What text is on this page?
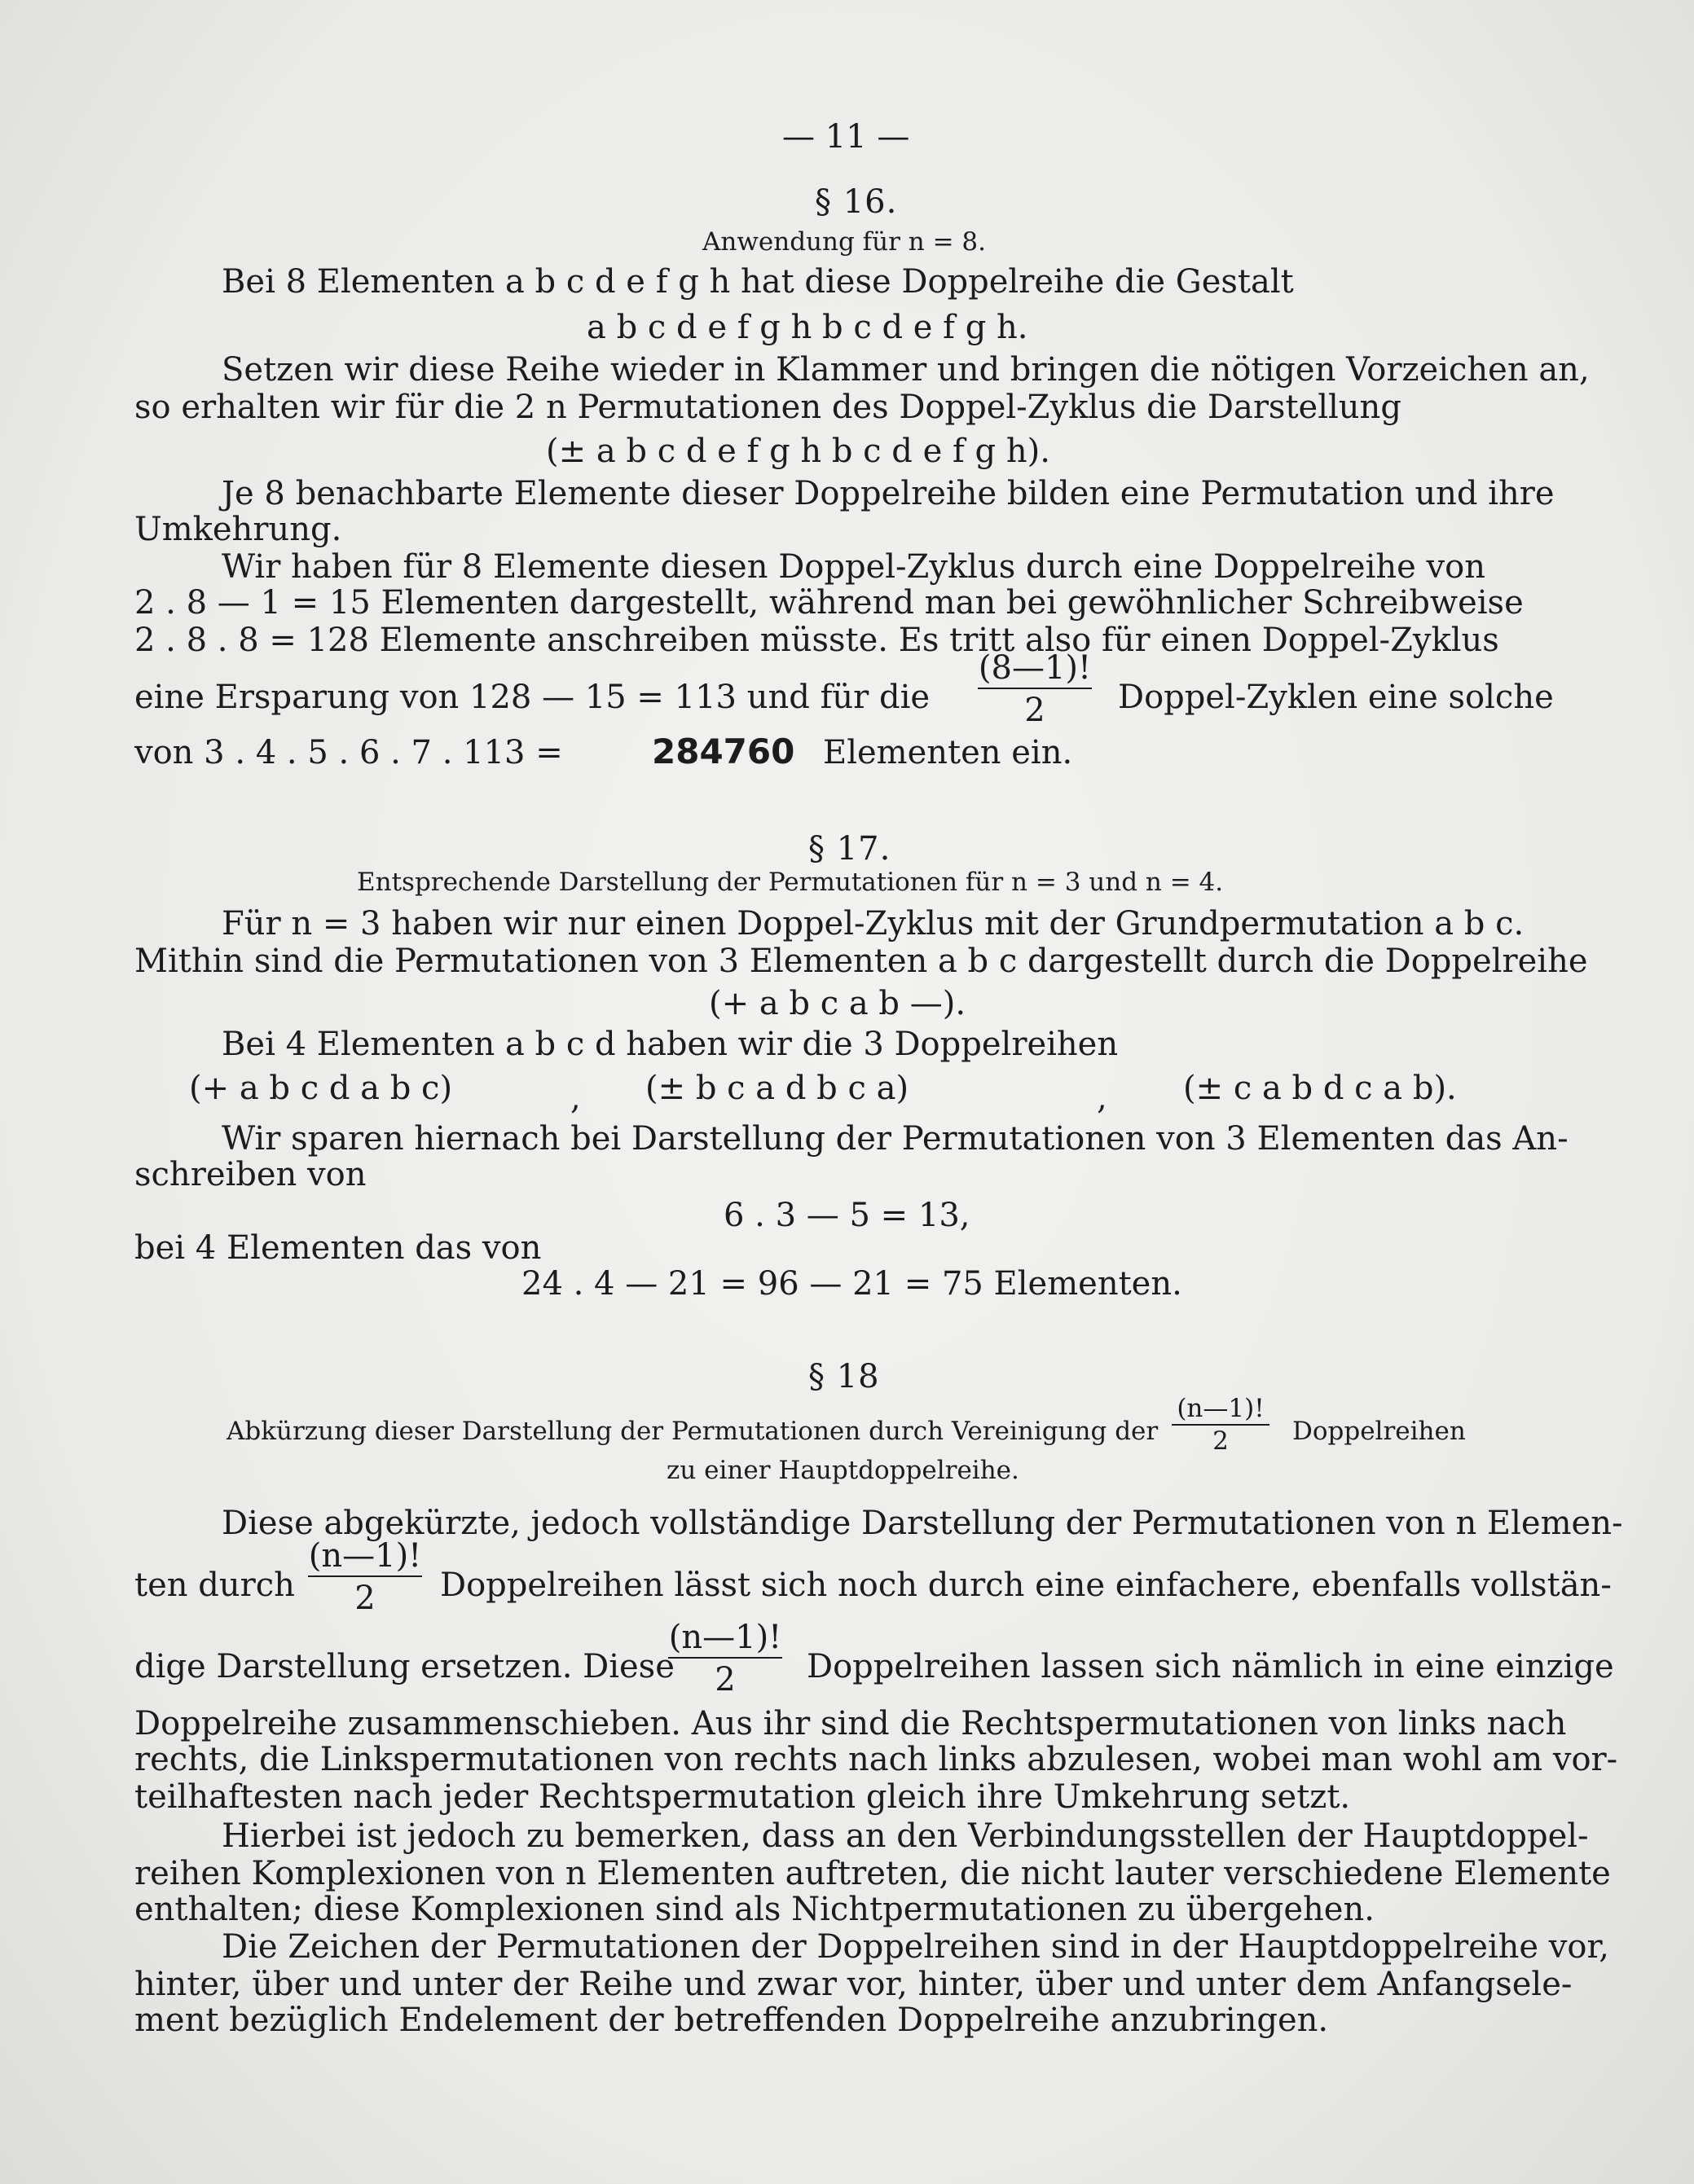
— 11 —
§ 16.
Anwendung für n = 8.
Bei 8 Elementen a b c d e f g h hat diese Doppelreihe die Gestalt
a b c d e f g h b c d e f g h.
Setzen wir diese Reihe wieder in Klammer und bringen die nötigen Vorzeichen an,
so erhalten wir für die 2 n Permutationen des Doppel-Zyklus die Darstellung
(± a b c d e f g h b c d e f g h).
Je 8 benachbarte Elemente dieser Doppelreihe bilden eine Permutation und ihre
Umkehrung.
Wir haben für 8 Elemente diesen Doppel-Zyklus durch eine Doppelreihe von
2 . 8 — 1 = 15 Elementen dargestellt, während man bei gewöhnlicher Schreibweise
2 . 8 . 8 = 128 Elemente anschreiben müsste. Es tritt also für einen Doppel-Zyklus
eine Ersparung von 128 — 15 = 113 und für die
(8—1)!
2	Doppel-Zyklen eine solche
von 3 . 4 . 5 . 6 . 7 . 113 =	284760 Elementen ein.
§ 17.
Entsprechende Darstellung der Permutationen für n = 3 und n = 4.
Für n = 3 haben wir nur einen Doppel-Zyklus mit der Grundpermutation a b c.
Mithin sind die Permutationen von 3 Elementen a b c dargestellt durch die Doppelreihe
(+ a b c a b —).
Bei 4 Elementen a b c d haben wir die 3 Doppelreihen
(+ a b c d a b c)	, (± b c a d b c a)	, (± c a b d c a b).
Wir sparen hiernach bei Darstellung der Permutationen von 3 Elementen das An-
schreiben von
6 . 3 — 5 = 13,
bei 4 Elementen das von
24 . 4 — 21 = 96 — 21 = 75 Elementen.
§ 18
Abkürzung dieser Darstellung der Permutationen durch Vereinigung der
(n—1)!
2	Doppelreihen
zu einer Hauptdoppelreihe.
Diese abgekürzte, jedoch vollständige Darstellung der Permutationen von n Elemen-
ten durch
(n—1)!
2	Doppelreihen lässt sich noch durch eine einfachere, ebenfalls vollstän-
dige Darstellung ersetzen. Diese
(n—1)!
2	Doppelreihen lassen sich nämlich in eine einzige
Doppelreihe zusammenschieben. Aus ihr sind die Rechtspermutationen von links nach
rechts, die Linkspermutationen von rechts nach links abzulesen, wobei man wohl am vor-
teilhaftesten nach jeder Rechtspermutation gleich ihre Umkehrung setzt.
Hierbei ist jedoch zu bemerken, dass an den Verbindungsstellen der Hauptdoppel-
reihen Komplexionen von n Elementen auftreten, die nicht lauter verschiedene Elemente
enthalten; diese Komplexionen sind als Nichtpermutationen zu übergehen.
Die Zeichen der Permutationen der Doppelreihen sind in der Hauptdoppelreihe vor,
hinter, über und unter der Reihe und zwar vor, hinter, über und unter dem Anfangsele-
ment bezüglich Endelement der betreffenden Doppelreihe anzubringen.
